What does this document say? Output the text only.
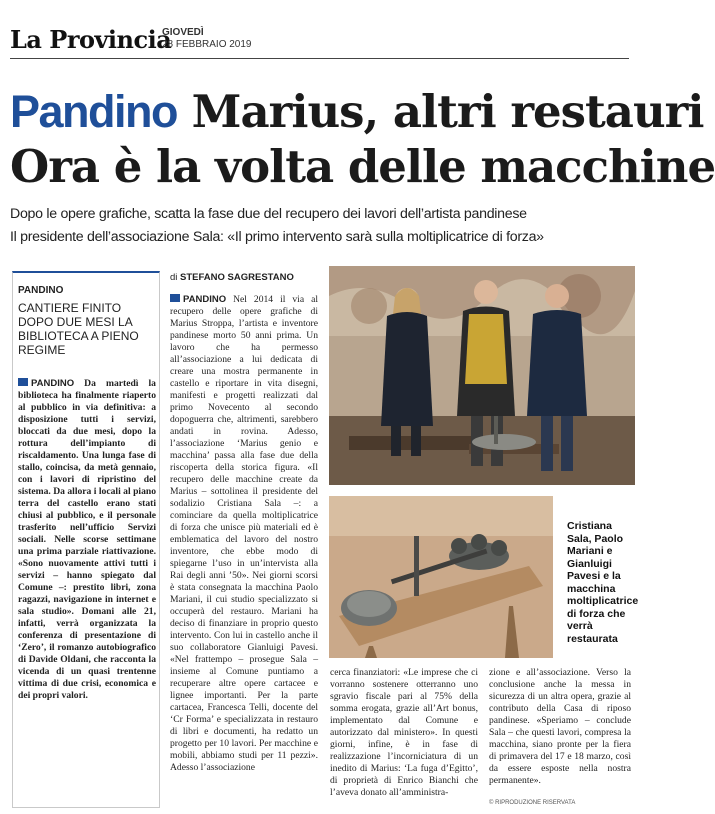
La Provincia
GIOVEDÌ
28 FEBBRAIO 2019
Pandino Marius, altri restauri
Ora è la volta delle macchine
Dopo le opere grafiche, scatta la fase due del recupero dei lavori dell’artista pandinese
Il presidente dell’associazione Sala: «Il primo intervento sarà sulla moltiplicatrice di forza»
PANDINO
CANTIERE FINITO DOPO DUE MESI LA BIBLIOTECA A PIENO REGIME
PANDINO Da martedì la biblioteca ha finalmente riaperto al pubblico in via definitiva: a disposizione tutti i servizi, bloccati da due mesi, dopo la rottura dell’impianto di riscaldamento. Una lunga fase di stallo, coincisa, da metà gennaio, con i lavori di ripristino del sistema. Da allora i locali al piano terra del castello erano stati chiusi al pubblico, e il personale trasferito nell’ufficio Servizi sociali. Nelle scorse settimane una prima parziale riattivazione. «Sono nuovamente attivi tutti i servizi – hanno spiegato dal Comune –: prestito libri, zona ragazzi, navigazione in internet e sala studio». Domani alle 21, infatti, verrà organizzata la conferenza di presentazione di ‘Zero’, il romanzo autobiografico di Davide Oldani, che racconta la vicenda di un quasi trentenne vittima di due crisi, economica e dei propri valori.
di STEFANO SAGRESTANO
PANDINO Nel 2014 il via al recupero delle opere grafiche di Marius Stroppa, l’artista e inventore pandinese morto 50 anni prima. Un lavoro che ha permesso all’associazione a lui dedicata di creare una mostra permanente in castello e riportare in vita disegni, manifesti e progetti realizzati dal primo Novecento al secondo dopoguerra che, altrimenti, sarebbero andati in rovina. Adesso, l’associazione ‘Marius genio e macchina’ passa alla fase due della riscoperta della storica figura. «Il recupero delle macchine create da Marius – sottolinea il presidente del sodalizio Cristiana Sala –: a cominciare da quella moltiplicatrice di forza che unisce più materiali ed è emblematica del lavoro del nostro inventore, che ebbe modo di spiegarne l’uso in un’intervista alla Rai degli anni ’50». Nei giorni scorsi è stata consegnata la macchina Paolo Mariani, il cui studio specializzato si occuperà del restauro. Mariani ha deciso di finanziare in proprio questo intervento. Con lui in castello anche il suo collaboratore Gianluigi Pavesi. «Nel frattempo – prosegue Sala – insieme al Comune puntiamo a recuperare altre opere cartacee e lignee importanti. Per la parte cartacea, Francesca Telli, docente del ‘Cr Forma’ e specializzata in restauro di libri e documenti, ha redatto un progetto per 10 lavori. Per macchine e mobili, abbiamo studi per 11 pezzi». Adesso l’associazione
cerca finanziatori: «Le imprese che ci vorranno sostenere otterranno uno sgravio fiscale pari al 75% della somma erogata, grazie all’Art bonus, implementato dal Comune e autorizzato dal ministero». In questi giorni, infine, è in fase di realizzazione l’incorniciatura di un inedito di Marius: ‘La fuga d’Egitto’, di proprietà di Enrico Bianchi che l’aveva donato all’amministra-
zione e all’associazione. Verso la conclusione anche la messa in sicurezza di un altra opera, grazie al contributo della Casa di riposo pandinese. «Speriamo – conclude Sala – che questi lavori, compresa la macchina, siano pronte per la fiera di primavera del 17 e 18 marzo, così da essere esposte nella nostra permanente».
Cristiana Sala, Paolo Mariani e Gianluigi Pavesi e la macchina moltiplicatrice di forza che verrà restaurata
© RIPRODUZIONE RISERVATA
